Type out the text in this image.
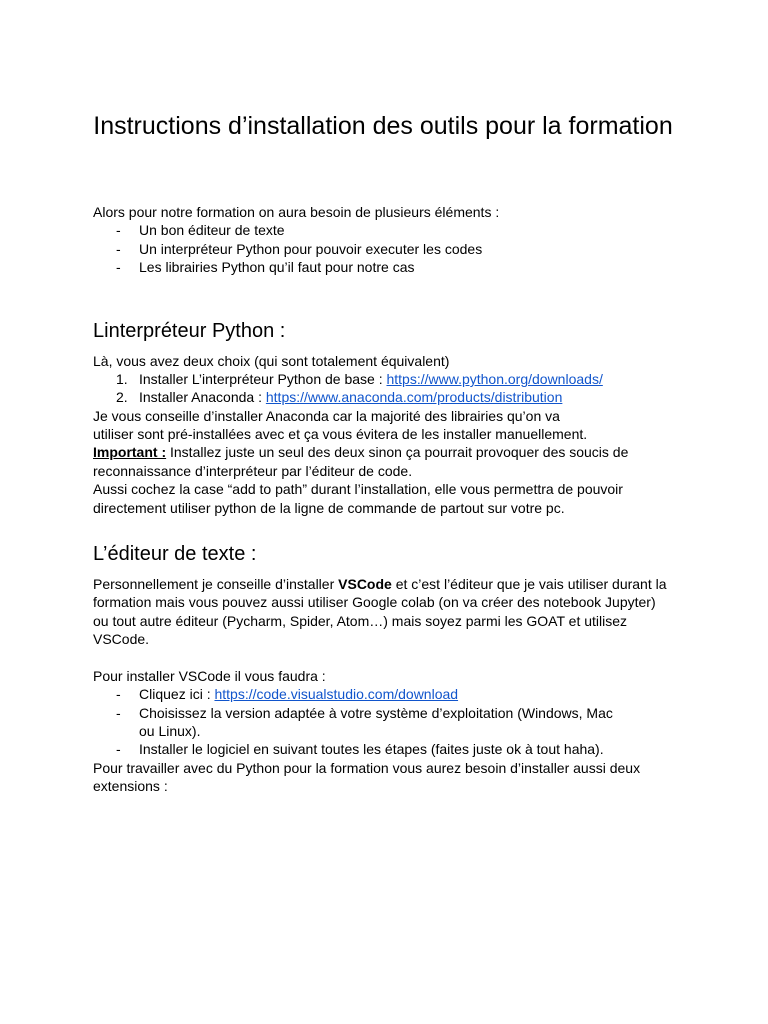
Instructions d’installation des outils pour la formation
Alors pour notre formation on aura besoin de plusieurs éléments :
- Un bon éditeur de texte
- Un interpréteur Python pour pouvoir executer les codes
- Les librairies Python qu’il faut pour notre cas
Linterpréteur Python :
Là, vous avez deux choix (qui sont totalement équivalent)
1. Installer L’interpréteur Python de base : https://www.python.org/downloads/
2. Installer Anaconda : https://www.anaconda.com/products/distribution
Je vous conseille d’installer Anaconda car la majorité des librairies qu’on va
utiliser sont pré-installées avec et ça vous évitera de les installer manuellement.
Important : Installez juste un seul des deux sinon ça pourrait provoquer des soucis de
reconnaissance d’interpréteur par l’éditeur de code.
Aussi cochez la case “add to path” durant l’installation, elle vous permettra de pouvoir
directement utiliser python de la ligne de commande de partout sur votre pc.
L’éditeur de texte :
Personnellement je conseille d’installer VSCode et c’est l’éditeur que je vais utiliser durant la
formation mais vous pouvez aussi utiliser Google colab (on va créer des notebook Jupyter)
ou tout autre éditeur (Pycharm, Spider, Atom…) mais soyez parmi les GOAT et utilisez
VSCode.
Pour installer VSCode il vous faudra :
- Cliquez ici : https://code.visualstudio.com/download
- Choisissez la version adaptée à votre système d’exploitation (Windows, Mac
ou Linux).
- Installer le logiciel en suivant toutes les étapes (faites juste ok à tout haha).
Pour travailler avec du Python pour la formation vous aurez besoin d’installer aussi deux
extensions :
